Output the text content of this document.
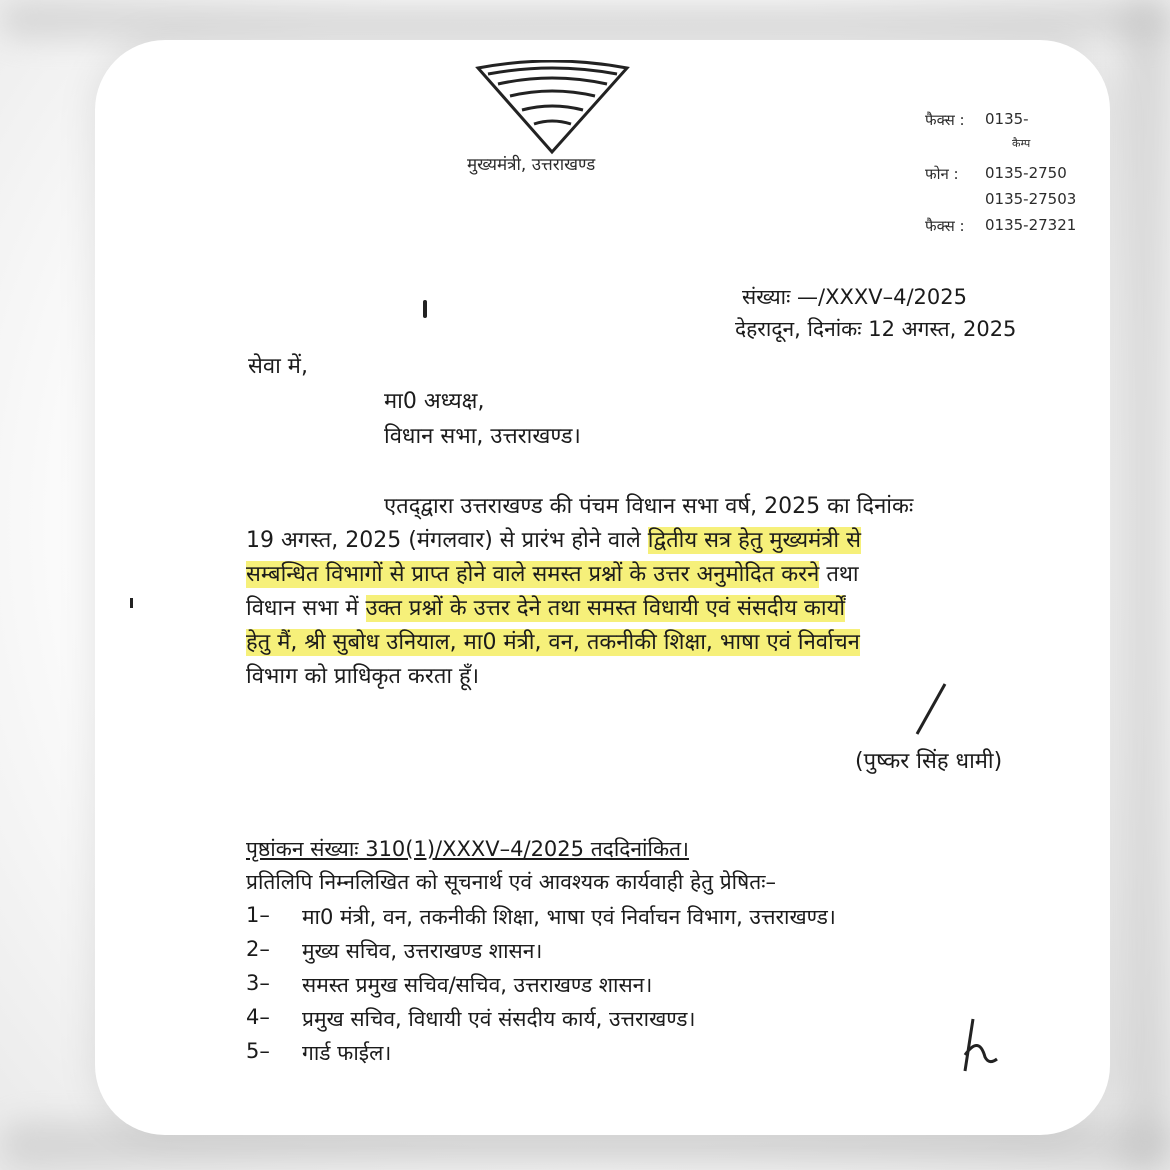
मुख्यमंत्री, उत्तराखण्ड
फैक्स : 0135-
कैम्प
फोन : 0135-2750
0135-27503
फैक्स : 0135-27321
संख्याः —/XXXV–4/2025
देहरादून, दिनांकः 12 अगस्त, 2025
सेवा में,
मा0 अध्यक्ष,
विधान सभा, उत्तराखण्ड।
एतद्‌द्वारा उत्तराखण्ड की पंचम विधान सभा वर्ष, 2025 का दिनांकः
19 अगस्त, 2025 (मंगलवार) से प्रारंभ होने वाले द्वितीय सत्र हेतु मुख्यमंत्री से
सम्बन्धित विभागों से प्राप्त होने वाले समस्त प्रश्नों के उत्तर अनुमोदित करने तथा
विधान सभा में उक्त प्रश्नों के उत्तर देने तथा समस्त विधायी एवं संसदीय कार्यों
हेतु मैं, श्री सुबोध उनियाल, मा0 मंत्री, वन, तकनीकी शिक्षा, भाषा एवं निर्वाचन
विभाग को प्राधिकृत करता हूँ।
(पुष्कर सिंह धामी)
पृष्ठांकन संख्याः 310(1)/XXXV–4/2025 तददिनांकित।
प्रतिलिपि निम्नलिखित को सूचनार्थ एवं आवश्यक कार्यवाही हेतु प्रेषितः–
1– मा0 मंत्री, वन, तकनीकी शिक्षा, भाषा एवं निर्वाचन विभाग, उत्तराखण्ड।
2– मुख्य सचिव, उत्तराखण्ड शासन।
3– समस्त प्रमुख सचिव/सचिव, उत्तराखण्ड शासन।
4– प्रमुख सचिव, विधायी एवं संसदीय कार्य, उत्तराखण्ड।
5– गार्ड फाईल।
